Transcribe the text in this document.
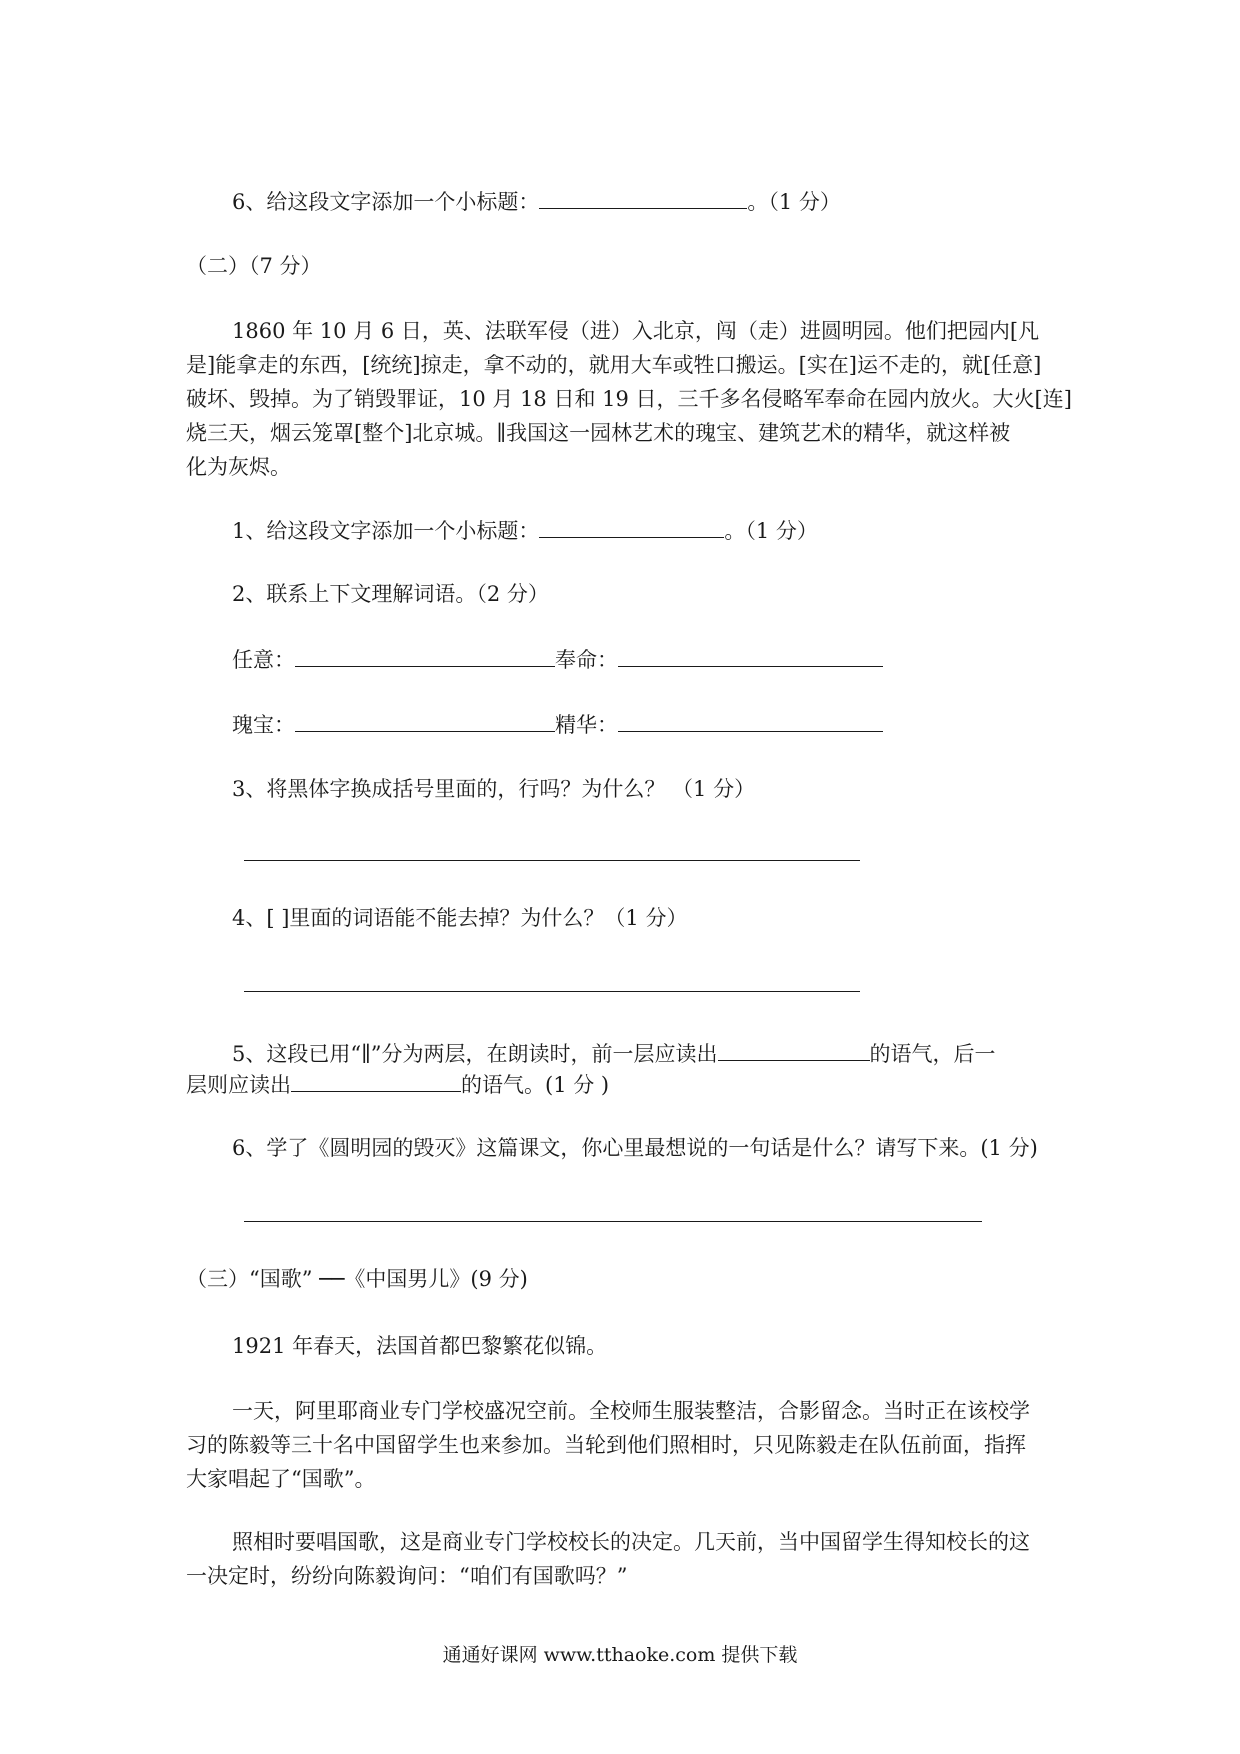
6、给这段文字添加一个小标题：	。（1 分）
（二）（7 分）
1860 年 10 月 6 日，英、法联军侵（进）入北京，闯（走）进圆明园。他们把园内[凡
是]能拿走的东西，[统统]掠走，拿不动的，就用大车或牲口搬运。[实在]运不走的，就[任意]
破坏、毁掉。为了销毁罪证，10 月 18 日和 19 日，三千多名侵略军奉命在园内放火。大火[连]
烧三天，烟云笼罩[整个]北京城。∥我国这一园林艺术的瑰宝、建筑艺术的精华，就这样被
化为灰烬。
1、给这段文字添加一个小标题：	。（1 分）
2、联系上下文理解词语。（2 分）
任意：	奉命：
瑰宝：	精华：
3、将黑体字换成括号里面的，行吗？为什么？ （1 分）
4、[ ]里面的词语能不能去掉？为什么？（1 分）
5、这段已用“∥”分为两层，在朗读时，前一层应读出	的语气，后一
层则应读出	的语气。(1 分 )
6、学了《圆明园的毁灭》这篇课文，你心里最想说的一句话是什么？请写下来。(1 分)
（三）“国歌” ──《中国男儿》(9 分)
1921 年春天，法国首都巴黎繁花似锦。
一天，阿里耶商业专门学校盛况空前。全校师生服装整洁，合影留念。当时正在该校学
习的陈毅等三十名中国留学生也来参加。当轮到他们照相时，只见陈毅走在队伍前面，指挥
大家唱起了“国歌”。
照相时要唱国歌，这是商业专门学校校长的决定。几天前，当中国留学生得知校长的这
一决定时，纷纷向陈毅询问：“咱们有国歌吗？”
通通好课网 www.tthaoke.com 提供下载
